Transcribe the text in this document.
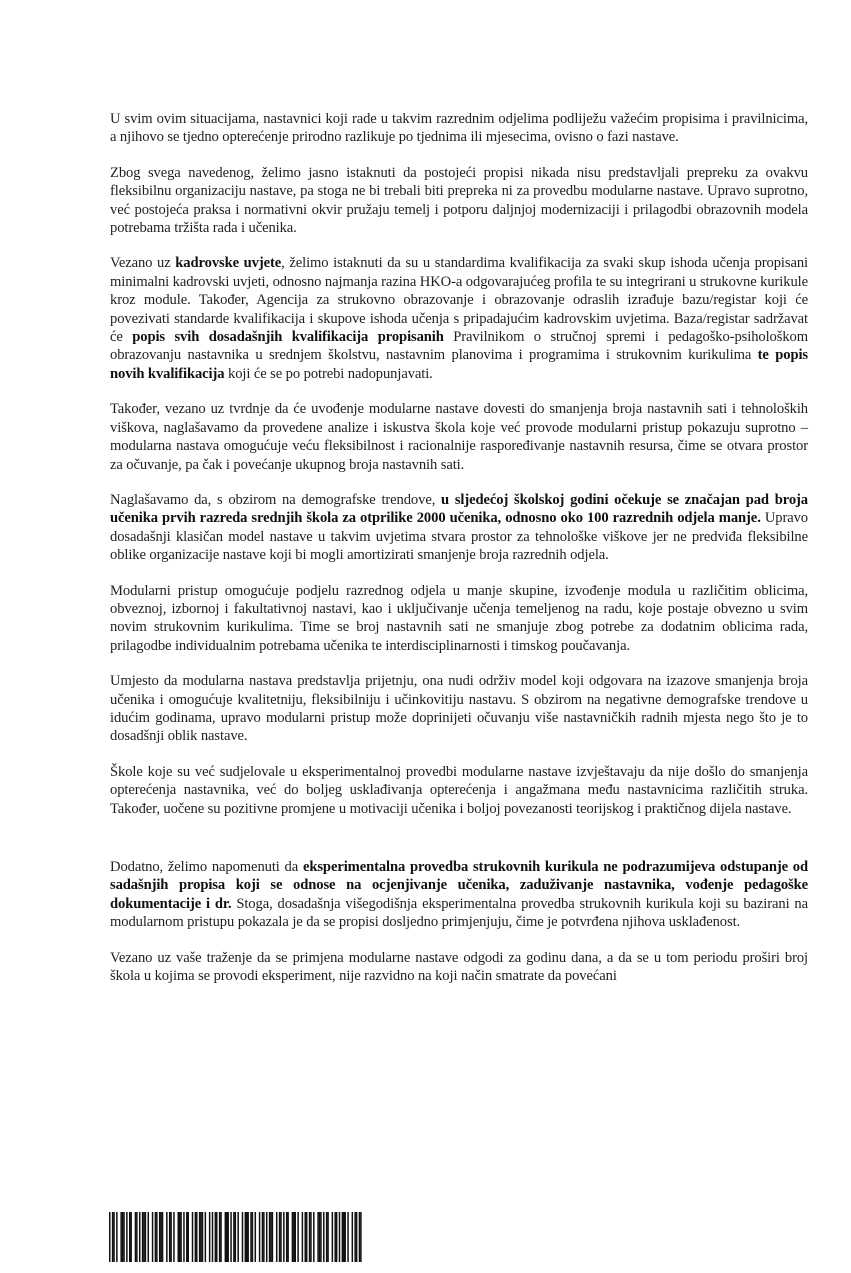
U svim ovim situacijama, nastavnici koji rade u takvim razrednim odjelima podliježu važećim propisima i pravilnicima, a njihovo se tjedno opterećenje prirodno razlikuje po tjednima ili mjesecima, ovisno o fazi nastave.

Zbog svega navedenog, želimo jasno istaknuti da postojeći propisi nikada nisu predstavljali prepreku za ovakvu fleksibilnu organizaciju nastave, pa stoga ne bi trebali biti prepreka ni za provedbu modularne nastave. Upravo suprotno, već postojeća praksa i normativni okvir pružaju temelj i potporu daljnjoj modernizaciji i prilagodbi obrazovnih modela potrebama tržišta rada i učenika.

Vezano uz kadrovske uvjete, želimo istaknuti da su u standardima kvalifikacija za svaki skup ishoda učenja propisani minimalni kadrovski uvjeti, odnosno najmanja razina HKO-a odgovarajućeg profila te su integrirani u strukovne kurikule kroz module. Također, Agencija za strukovno obrazovanje i obrazovanje odraslih izrađuje bazu/registar koji će povezivati standarde kvalifikacija i skupove ishoda učenja s pripadajućim kadrovskim uvjetima. Baza/registar sadržavat će popis svih dosadašnjih kvalifikacija propisanih Pravilnikom o stručnoj spremi i pedagoško-psihološkom obrazovanju nastavnika u srednjem školstvu, nastavnim planovima i programima i strukovnim kurikulima te popis novih kvalifikacija koji će se po potrebi nadopunjavati.

Također, vezano uz tvrdnje da će uvođenje modularne nastave dovesti do smanjenja broja nastavnih sati i tehnoloških viškova, naglašavamo da provedene analize i iskustva škola koje već provode modularni pristup pokazuju suprotno – modularna nastava omogućuje veću fleksibilnost i racionalnije raspoređivanje nastavnih resursa, čime se otvara prostor za očuvanje, pa čak i povećanje ukupnog broja nastavnih sati.

Naglašavamo da, s obzirom na demografske trendove, u sljedećoj školskoj godini očekuje se značajan pad broja učenika prvih razreda srednjih škola za otprilike 2000 učenika, odnosno oko 100 razrednih odjela manje. Upravo dosadašnji klasičan model nastave u takvim uvjetima stvara prostor za tehnološke viškove jer ne predviđa fleksibilne oblike organizacije nastave koji bi mogli amortizirati smanjenje broja razrednih odjela.

Modularni pristup omogućuje podjelu razrednog odjela u manje skupine, izvođenje modula u različitim oblicima, obveznoj, izbornoj i fakultativnoj nastavi, kao i uključivanje učenja temeljenog na radu, koje postaje obvezno u svim novim strukovnim kurikulima. Time se broj nastavnih sati ne smanjuje zbog potrebe za dodatnim oblicima rada, prilagodbe individualnim potrebama učenika te interdisciplinarnosti i timskog poučavanja.

Umjesto da modularna nastava predstavlja prijetnju, ona nudi održiv model koji odgovara na izazove smanjenja broja učenika i omogućuje kvalitetniju, fleksibilniju i učinkovitiju nastavu. S obzirom na negativne demografske trendove u idućim godinama, upravo modularni pristup može doprinijeti očuvanju više nastavničkih radnih mjesta nego što je to dosadšnji oblik nastave.

Škole koje su već sudjelovale u eksperimentalnoj provedbi modularne nastave izvještavaju da nije došlo do smanjenja opterećenja nastavnika, već do boljeg usklađivanja opterećenja i angažmana među nastavnicima različitih struka. Također, uočene su pozitivne promjene u motivaciji učenika i boljoj povezanosti teorijskog i praktičnog dijela nastave.

Dodatno, želimo napomenuti da eksperimentalna provedba strukovnih kurikula ne podrazumijeva odstupanje od sadašnjih propisa koji se odnose na ocjenjivanje učenika, zaduživanje nastavnika, vođenje pedagoške dokumentacije i dr. Stoga, dosadašnja višegodišnja eksperimentalna provedba strukovnih kurikula koji su bazirani na modularnom pristupu pokazala je da se propisi dosljedno primjenjuju, čime je potvrđena njihova usklađenost.

Vezano uz vaše traženje da se primjena modularne nastave odgodi za godinu dana, a da se u tom periodu proširi broj škola u kojima se provodi eksperiment, nije razvidno na koji način smatrate da povećani
